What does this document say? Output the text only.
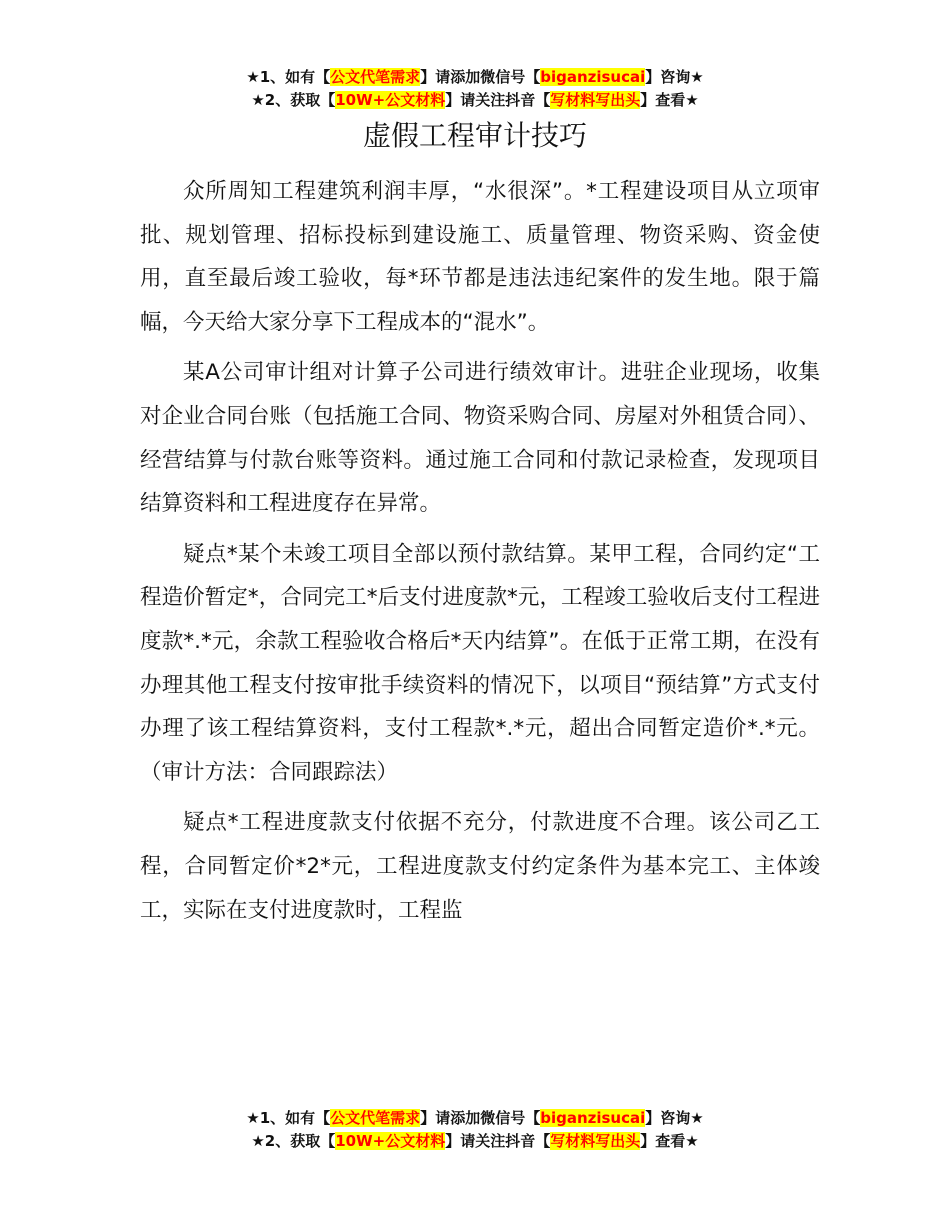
★1、如有【公文代笔需求】请添加微信号【biganzisucai】咨询★
★2、获取【10W+公文材料】请关注抖音【写材料写出头】查看★
虚假工程审计技巧

众所周知工程建筑利润丰厚，“水很深”。*工程建设项目从立项审批、规划管理、招标投标到建设施工、质量管理、物资采购、资金使用，直至最后竣工验收，每*环节都是违法违纪案件的发生地。限于篇幅，今天给大家分享下工程成本的“混水”。

某A公司审计组对计算子公司进行绩效审计。进驻企业现场，收集对企业合同台账（包括施工合同、物资采购合同、房屋对外租赁合同）、经营结算与付款台账等资料。通过施工合同和付款记录检查，发现项目结算资料和工程进度存在异常。

疑点*某个未竣工项目全部以预付款结算。某甲工程，合同约定“工程造价暂定*，合同完工*后支付进度款*元，工程竣工验收后支付工程进度款*.*元，余款工程验收合格后*天内结算”。在低于正常工期，在没有办理其他工程支付按审批手续资料的情况下，以项目“预结算”方式支付办理了该工程结算资料，支付工程款*.*元，超出合同暂定造价*.*元。（审计方法：合同跟踪法）

疑点*工程进度款支付依据不充分，付款进度不合理。该公司乙工程，合同暂定价*2*元，工程进度款支付约定条件为基本完工、主体竣工，实际在支付进度款时，工程监

★1、如有【公文代笔需求】请添加微信号【biganzisucai】咨询★
★2、获取【10W+公文材料】请关注抖音【写材料写出头】查看★
